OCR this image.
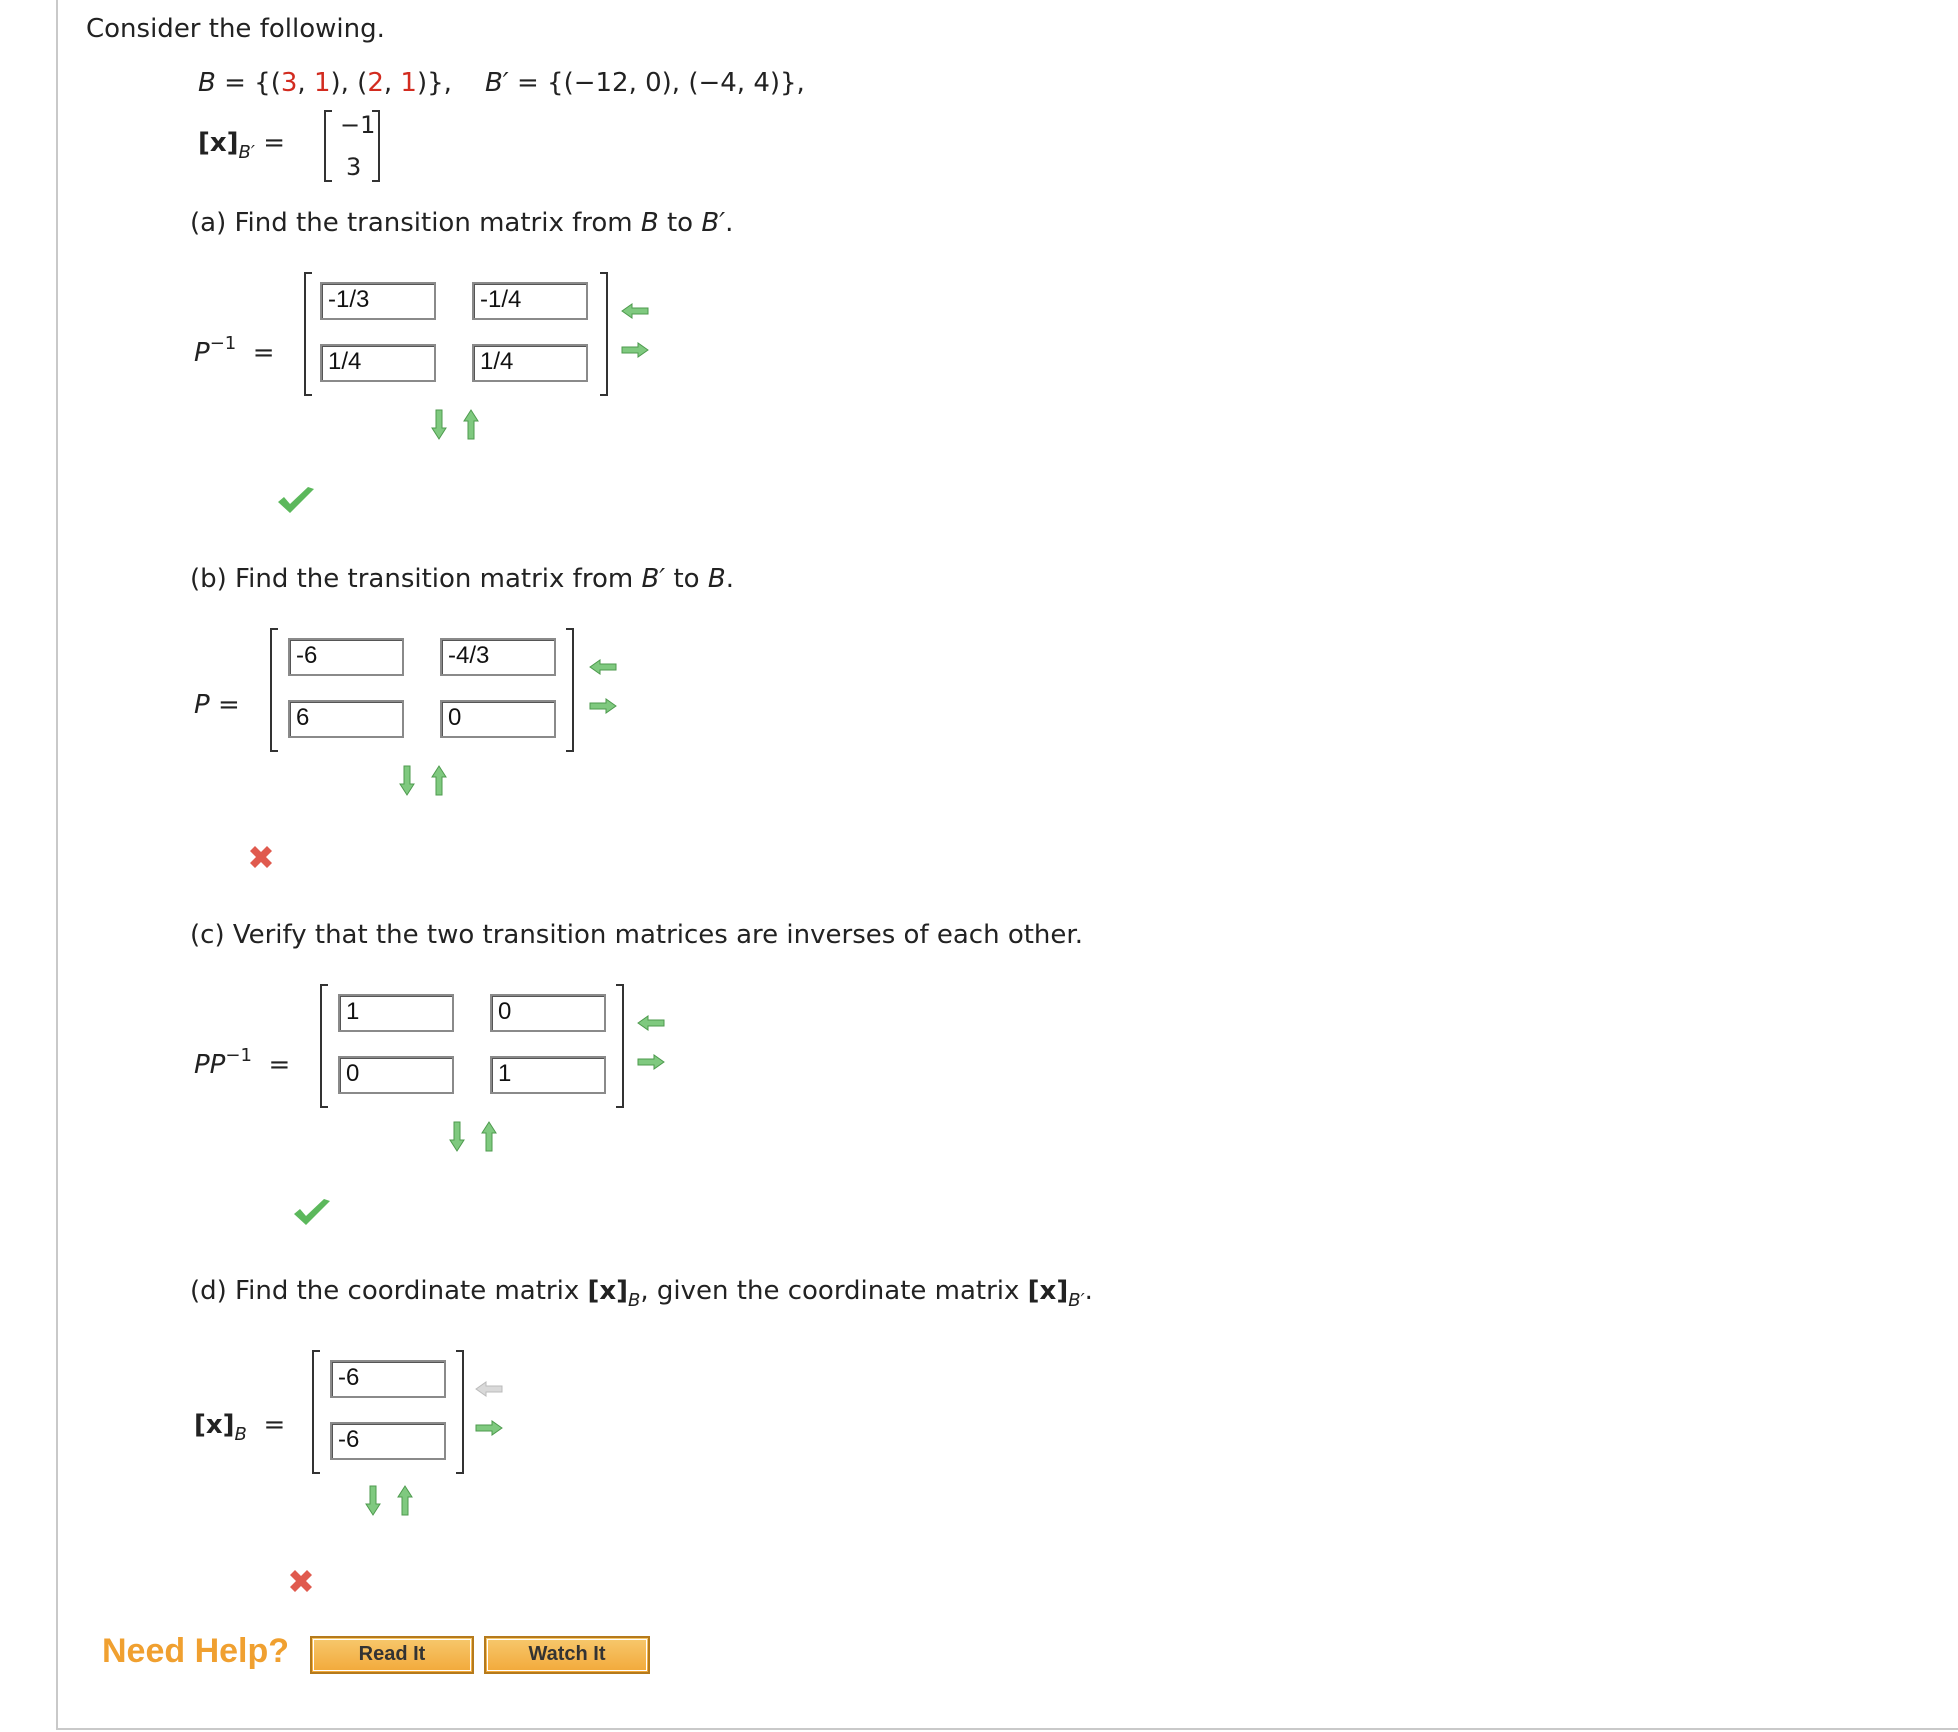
Consider the following.
B = {(3, 1), (2, 1)}, B′ = {(−12, 0), (−4, 4)},
$[x]_{B'}$ =
−1
3
(a) Find the transition matrix from B to B′.
$P^{-1}$ =
-1/3	-1/4
1/4	1/4
(b) Find the transition matrix from B′ to B.
P =
-6	-4/3
6	0
(c) Verify that the two transition matrices are inverses of each other.
$PP^{-1}$ =
1	0
0	1
(d) Find the coordinate matrix $[x]_B$, given the coordinate matrix $[x]_{B'}$.
$[x]_B$ =
-6
-6
Need Help?	Read It	Watch It
